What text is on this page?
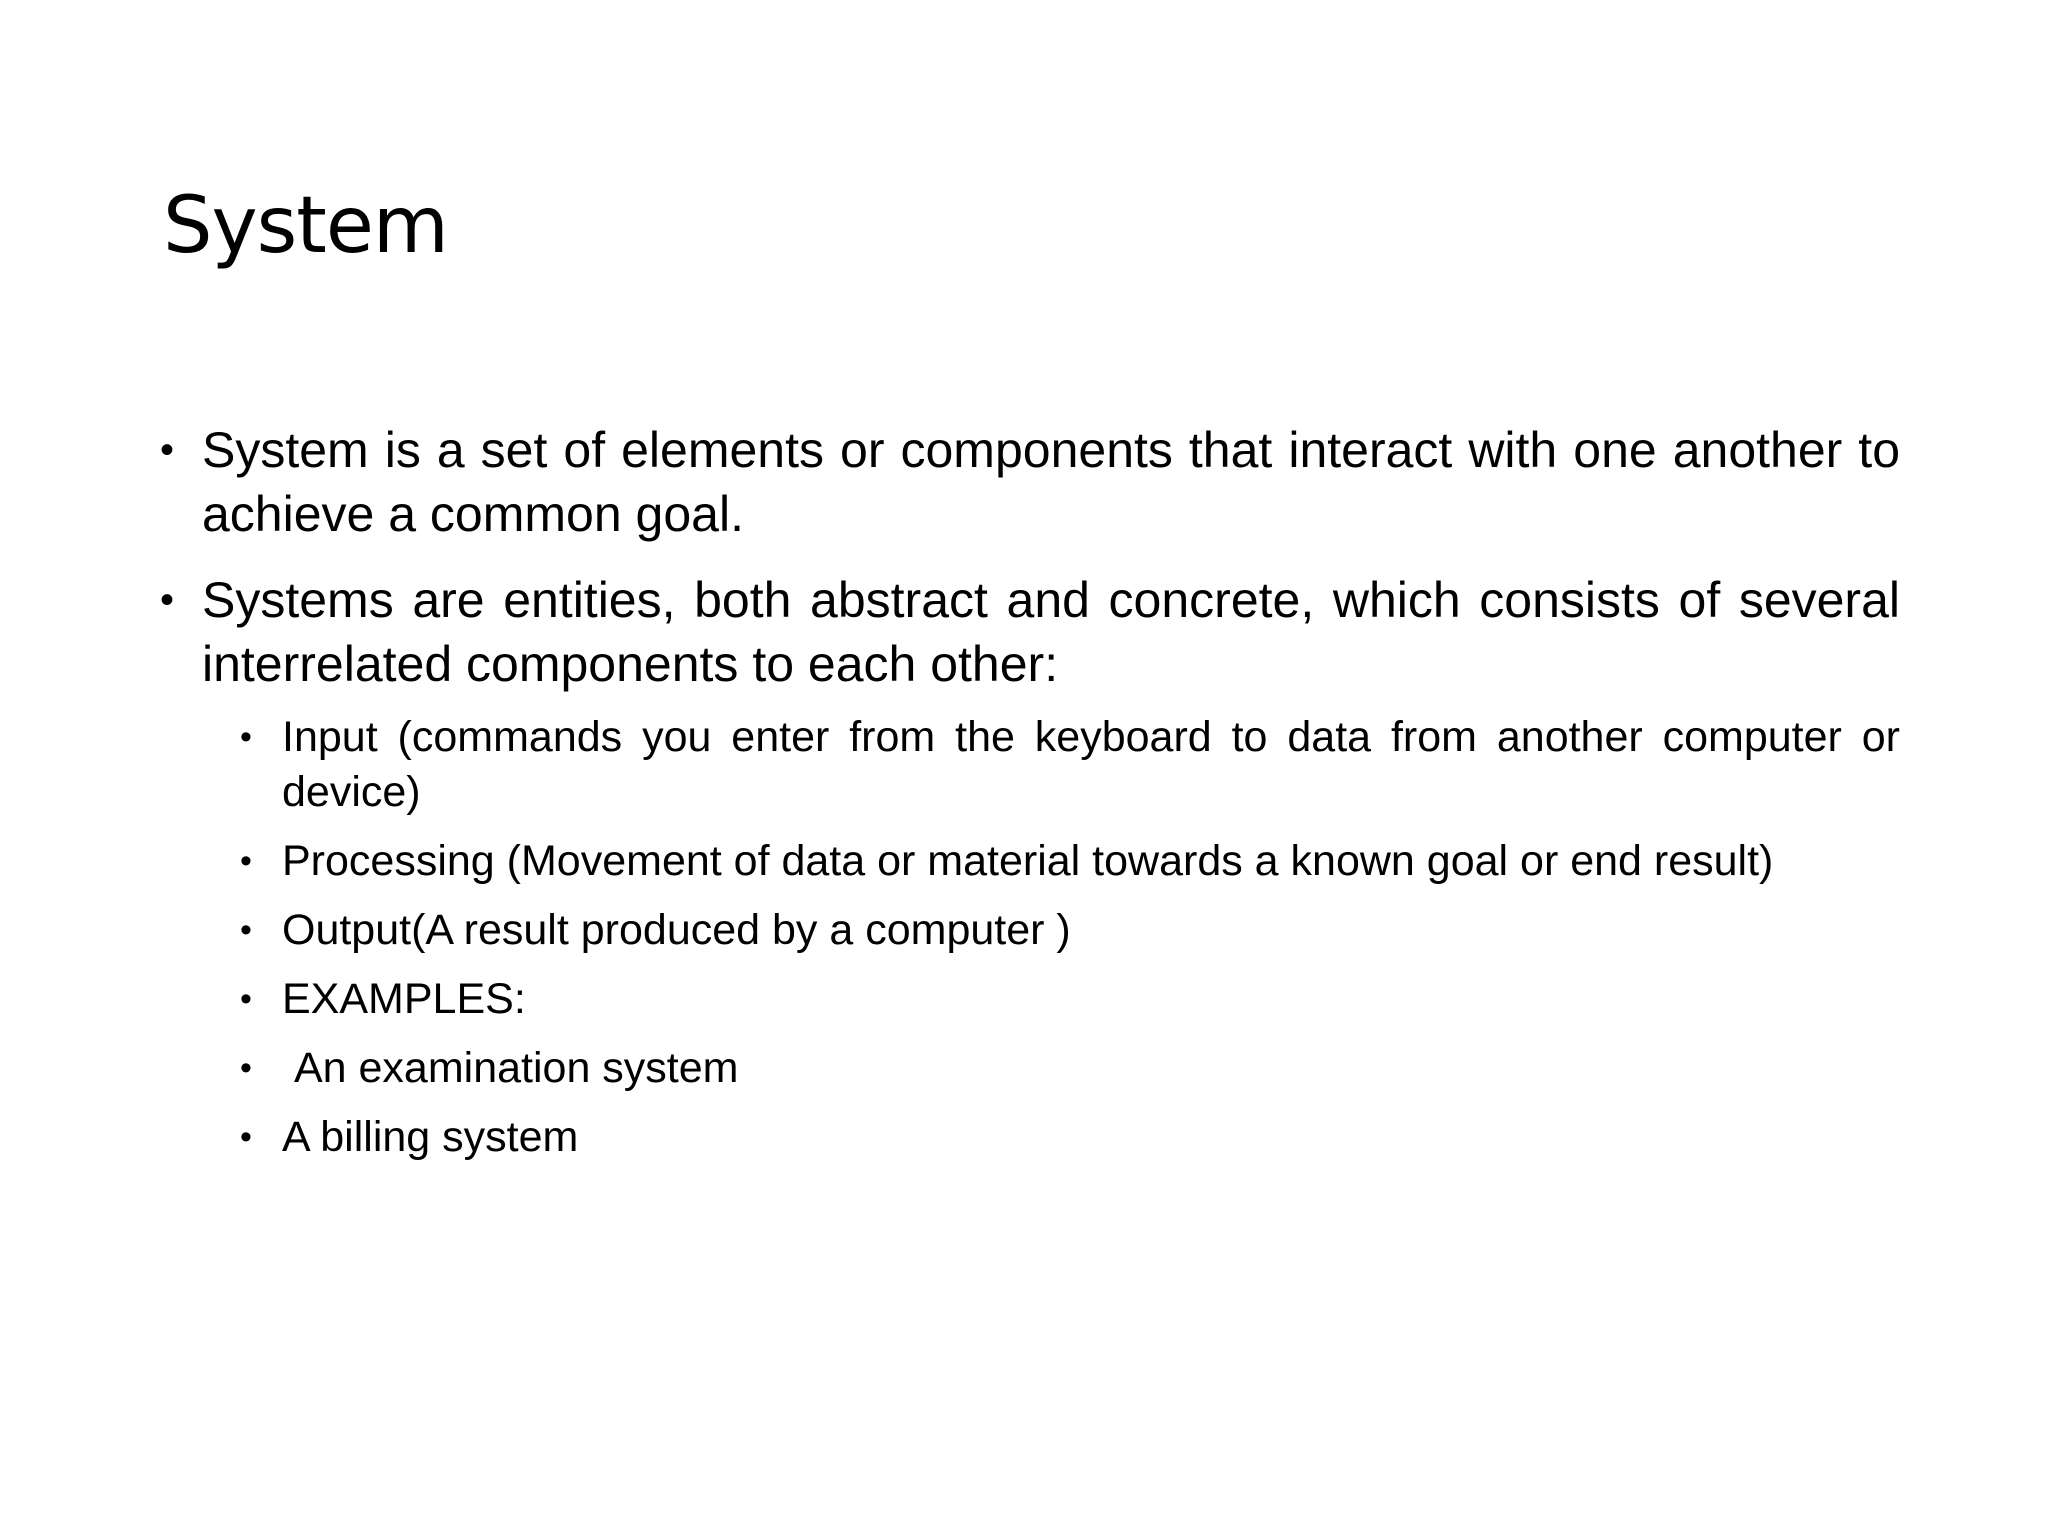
System
• System is a set of elements or components that interact with one another to achieve a common goal.
• Systems are entities, both abstract and concrete, which consists of several interrelated components to each other:
• Input (commands you enter from the keyboard to data from another computer or device)
• Processing (Movement of data or material towards a known goal or end result)
• Output(A result produced by a computer )
• EXAMPLES:
• An examination system
• A billing system
